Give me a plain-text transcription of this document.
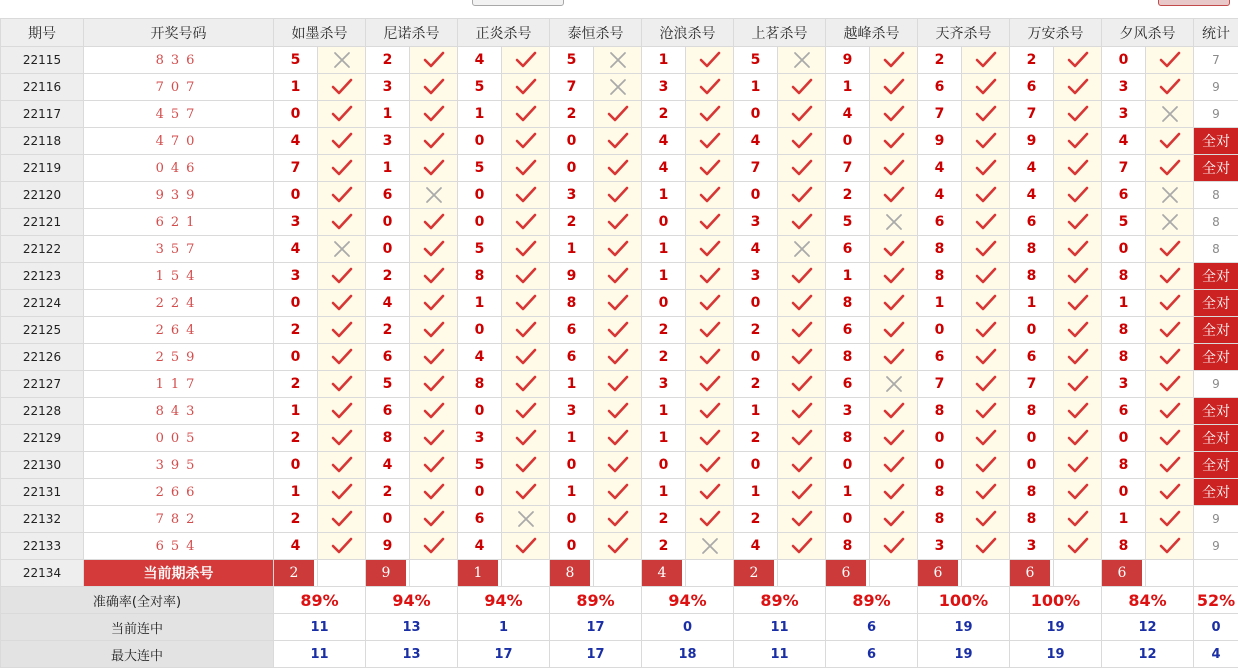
期号	开奖号码	如墨杀号		尼诺杀号		正炎杀号		泰恒杀号		沧浪杀号		上茗杀号		越峰杀号		天齐杀号		万安杀号		夕风杀号		统计
22115	836	5		2		4		5		1		5		9		2		2		0		7
22116	707	1		3		5		7		3		1		1		6		6		3		9
22117	457	0		1		1		2		2		0		4		7		7		3		9
22118	470	4		3		0		0		4		4		0		9		9		4		全对
22119	046	7		1		5		0		4		7		7		4		4		7		全对
22120	939	0		6		0		3		1		0		2		4		4		6		8
22121	621	3		0		0		2		0		3		5		6		6		5		8
22122	357	4		0		5		1		1		4		6		8		8		0		8
22123	154	3		2		8		9		1		3		1		8		8		8		全对
22124	224	0		4		1		8		0		0		8		1		1		1		全对
22125	264	2		2		0		6		2		2		6		0		0		8		全对
22126	259	0		6		4		6		2		0		8		6		6		8		全对
22127	117	2		5		8		1		3		2		6		7		7		3		9
22128	843	1		6		0		3		1		1		3		8		8		6		全对
22129	005	2		8		3		1		1		2		8		0		0		0		全对
22130	395	0		4		5		0		0		0		0		0		0		8		全对
22131	266	1		2		0		1		1		1		1		8		8		0		全对
22132	782	2		0		6		0		2		2		0		8		8		1		9
22133	654	4		9		4		0		2		4		8		3		3		8		9
22134	当前期杀号	2		9		1		8		4		2		6		6		6		6		

准确率(全对率)		89%		94%		94%		89%		94%		89%		89%		100%		100%		84%		52%
当前连中		11		13		1		17		0		11		6		19		19		12		0
最大连中		11		13		17		17		18		11		6		19		19		12		4
